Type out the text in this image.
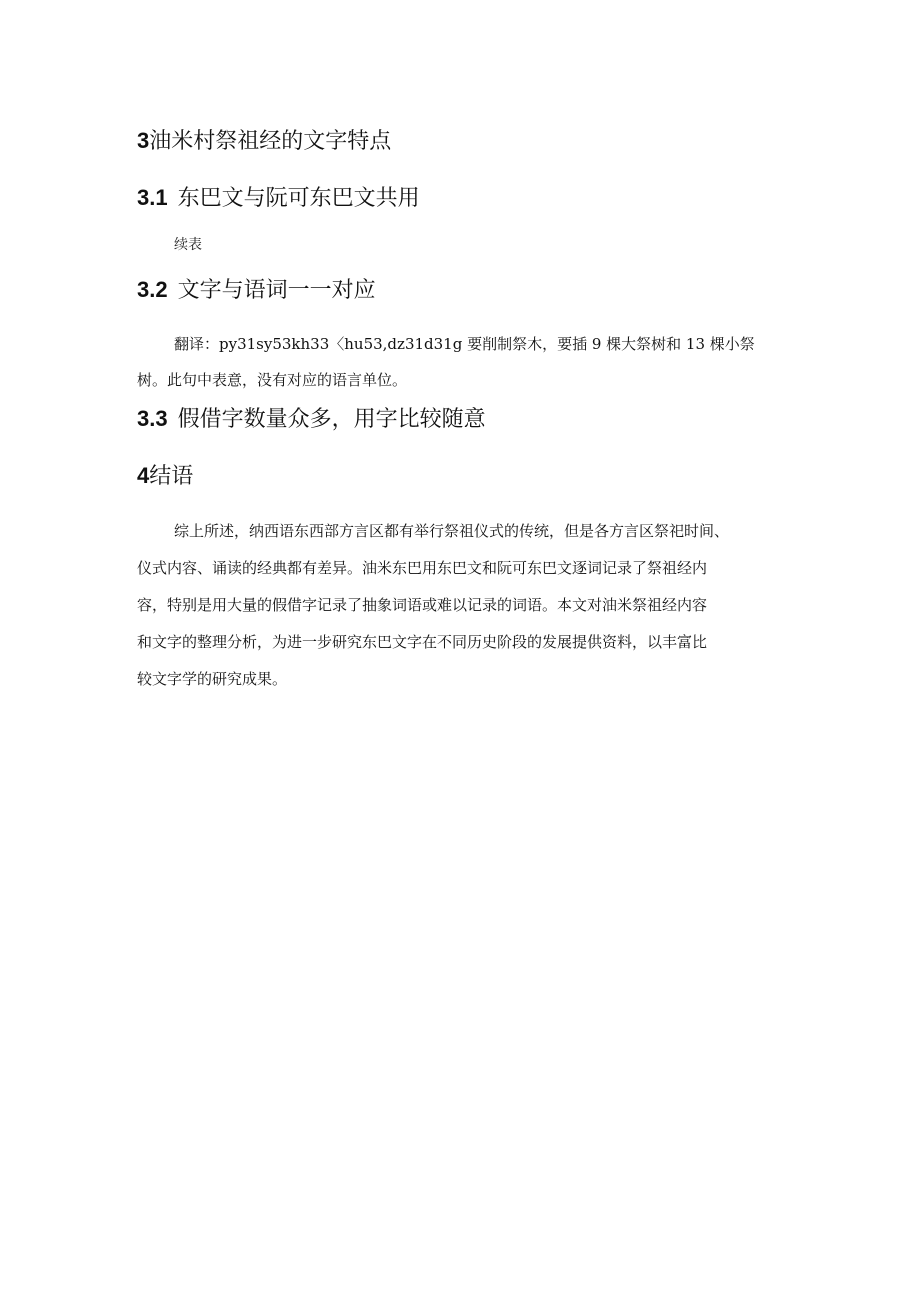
3油米村祭祖经的文字特点
3.1 东巴文与阮可东巴文共用
续表
3.2 文字与语词一一对应

翻译：py31sy53kh33〈hu53,dz31d31g 要削制祭木，要插 9 棵大祭树和 13 棵小祭
树。此句中表意，没有对应的语言单位。

3.3 假借字数量众多，用字比较随意
4结语

综上所述，纳西语东西部方言区都有举行祭祖仪式的传统，但是各方言区祭祀时间、
仪式内容、诵读的经典都有差异。油米东巴用东巴文和阮可东巴文逐词记录了祭祖经内
容，特别是用大量的假借字记录了抽象词语或难以记录的词语。本文对油米祭祖经内容
和文字的整理分析，为进一步研究东巴文字在不同历史阶段的发展提供资料，以丰富比
较文字学的研究成果。
